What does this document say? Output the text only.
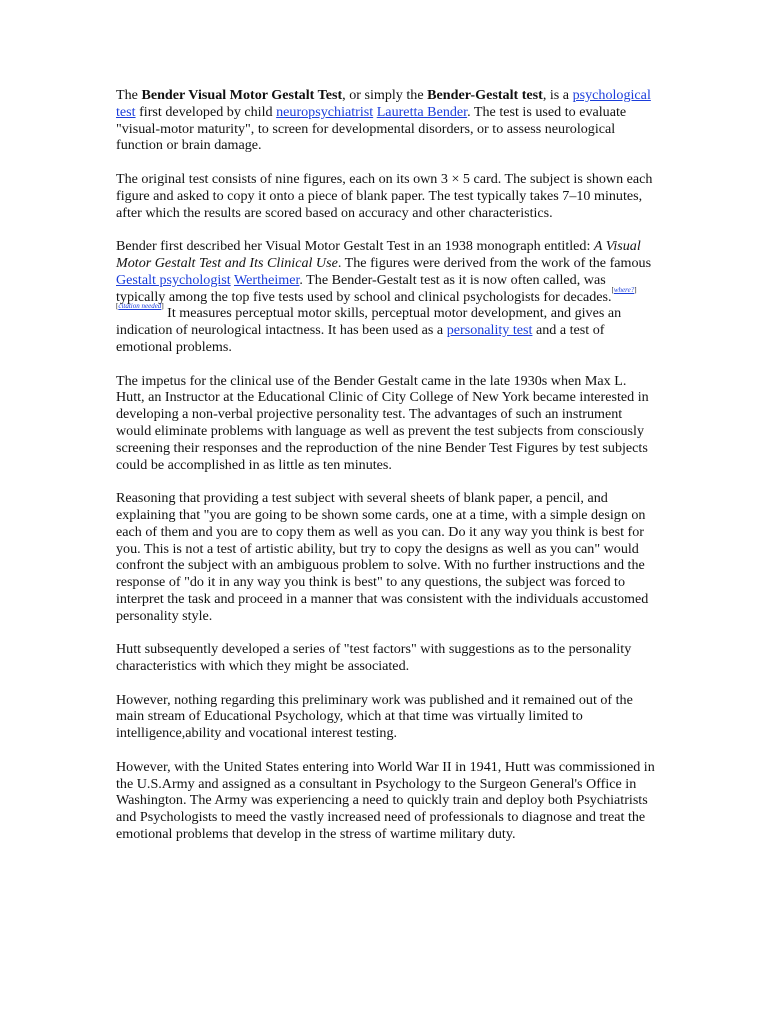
The Bender Visual Motor Gestalt Test, or simply the Bender-Gestalt test, is a psychological test first developed by child neuropsychiatrist Lauretta Bender. The test is used to evaluate "visual-motor maturity", to screen for developmental disorders, or to assess neurological function or brain damage.

The original test consists of nine figures, each on its own 3 × 5 card. The subject is shown each figure and asked to copy it onto a piece of blank paper. The test typically takes 7–10 minutes, after which the results are scored based on accuracy and other characteristics.

Bender first described her Visual Motor Gestalt Test in an 1938 monograph entitled: A Visual Motor Gestalt Test and Its Clinical Use. The figures were derived from the work of the famous Gestalt psychologist Wertheimer. The Bender-Gestalt test as it is now often called, was typically among the top five tests used by school and clinical psychologists for decades.[where?][citation needed] It measures perceptual motor skills, perceptual motor development, and gives an indication of neurological intactness. It has been used as a personality test and a test of emotional problems.

The impetus for the clinical use of the Bender Gestalt came in the late 1930s when Max L. Hutt, an Instructor at the Educational Clinic of City College of New York became interested in developing a non-verbal projective personality test. The advantages of such an instrument would eliminate problems with language as well as prevent the test subjects from consciously screening their responses and the reproduction of the nine Bender Test Figures by test subjects could be accomplished in as little as ten minutes.

Reasoning that providing a test subject with several sheets of blank paper, a pencil, and explaining that "you are going to be shown some cards, one at a time, with a simple design on each of them and you are to copy them as well as you can. Do it any way you think is best for you. This is not a test of artistic ability, but try to copy the designs as well as you can" would confront the subject with an ambiguous problem to solve. With no further instructions and the response of "do it in any way you think is best" to any questions, the subject was forced to interpret the task and proceed in a manner that was consistent with the individuals accustomed personality style.

Hutt subsequently developed a series of "test factors" with suggestions as to the personality characteristics with which they might be associated.

However, nothing regarding this preliminary work was published and it remained out of the main stream of Educational Psychology, which at that time was virtually limited to intelligence,ability and vocational interest testing.

However, with the United States entering into World War II in 1941, Hutt was commissioned in the U.S.Army and assigned as a consultant in Psychology to the Surgeon General's Office in Washington. The Army was experiencing a need to quickly train and deploy both Psychiatrists and Psychologists to meed the vastly increased need of professionals to diagnose and treat the emotional problems that develop in the stress of wartime military duty.
